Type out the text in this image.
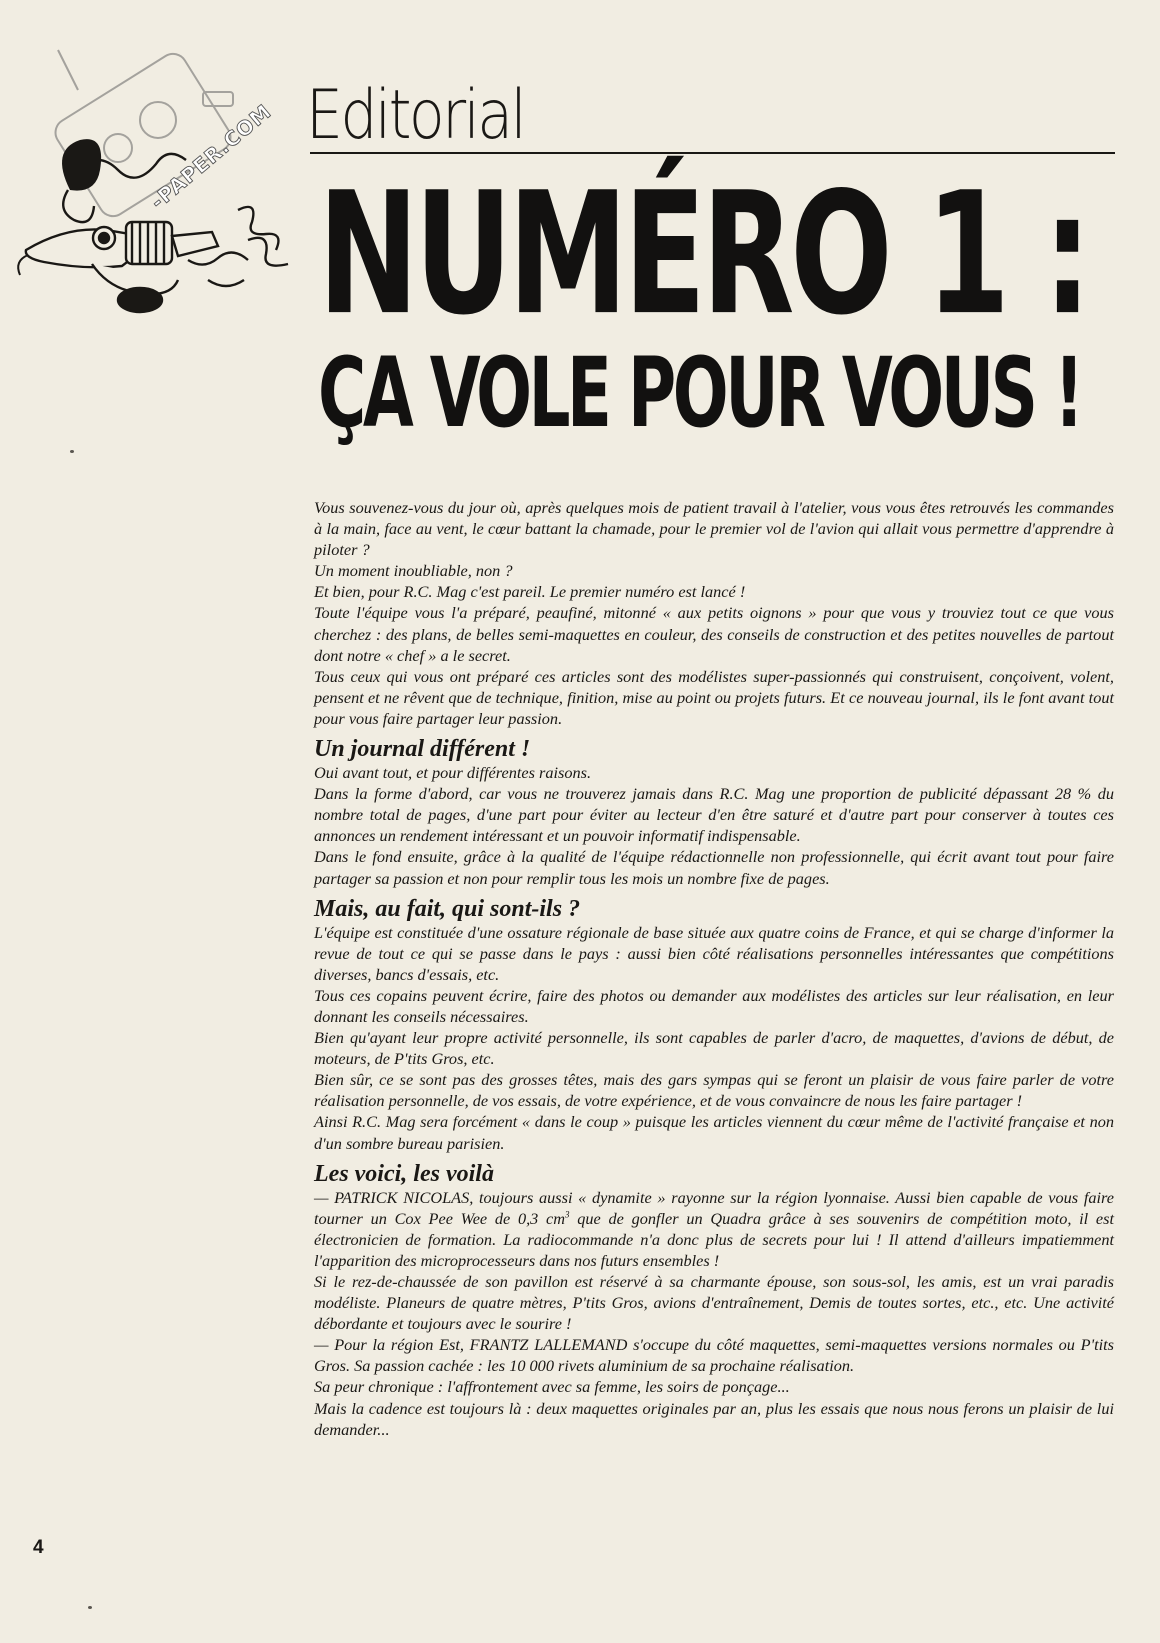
-PAPER.COM Editorial
NUMÉRO 1 :
ÇA VOLE POUR VOUS !

Vous souvenez-vous du jour où, après quelques mois de patient travail à l'atelier, vous vous êtes retrouvés les commandes à la main, face au vent, le cœur battant la chamade, pour le premier vol de l'avion qui allait vous permettre d'apprendre à piloter ?

Un moment inoubliable, non ?

Et bien, pour R.C. Mag c'est pareil. Le premier numéro est lancé !

Toute l'équipe vous l'a préparé, peaufiné, mitonné « aux petits oignons » pour que vous y trouviez tout ce que vous cherchez : des plans, de belles semi-maquettes en couleur, des conseils de construction et des petites nouvelles de partout dont notre « chef » a le secret.

Tous ceux qui vous ont préparé ces articles sont des modélistes super-passionnés qui construisent, conçoivent, volent, pensent et ne rêvent que de technique, finition, mise au point ou projets futurs. Et ce nouveau journal, ils le font avant tout pour vous faire partager leur passion.

Un journal différent !

Oui avant tout, et pour différentes raisons.

Dans la forme d'abord, car vous ne trouverez jamais dans R.C. Mag une proportion de publicité dépassant 28 % du nombre total de pages, d'une part pour éviter au lecteur d'en être saturé et d'autre part pour conserver à toutes ces annonces un rendement intéressant et un pouvoir informatif indispensable.

Dans le fond ensuite, grâce à la qualité de l'équipe rédactionnelle non professionnelle, qui écrit avant tout pour faire partager sa passion et non pour remplir tous les mois un nombre fixe de pages.

Mais, au fait, qui sont-ils ?

L'équipe est constituée d'une ossature régionale de base située aux quatre coins de France, et qui se charge d'informer la revue de tout ce qui se passe dans le pays : aussi bien côté réalisations personnelles intéressantes que compétitions diverses, bancs d'essais, etc.

Tous ces copains peuvent écrire, faire des photos ou demander aux modélistes des articles sur leur réalisation, en leur donnant les conseils nécessaires.

Bien qu'ayant leur propre activité personnelle, ils sont capables de parler d'acro, de maquettes, d'avions de début, de moteurs, de P'tits Gros, etc.

Bien sûr, ce se sont pas des grosses têtes, mais des gars sympas qui se feront un plaisir de vous faire parler de votre réalisation personnelle, de vos essais, de votre expérience, et de vous convaincre de nous les faire partager !

Ainsi R.C. Mag sera forcément « dans le coup » puisque les articles viennent du cœur même de l'activité française et non d'un sombre bureau parisien.

Les voici, les voilà

— PATRICK NICOLAS, toujours aussi « dynamite » rayonne sur la région lyonnaise. Aussi bien capable de vous faire tourner un Cox Pee Wee de 0,3 $cm^3$ que de gonfler un Quadra grâce à ses souvenirs de compétition moto, il est électronicien de formation. La radiocommande n'a donc plus de secrets pour lui ! Il attend d'ailleurs impatiemment l'apparition des microprocesseurs dans nos futurs ensembles !

Si le rez-de-chaussée de son pavillon est réservé à sa charmante épouse, son sous-sol, les amis, est un vrai paradis modéliste. Planeurs de quatre mètres, P'tits Gros, avions d'entraînement, Demis de toutes sortes, etc., etc. Une activité débordante et toujours avec le sourire !

— Pour la région Est, FRANTZ LALLEMAND s'occupe du côté maquettes, semi-maquettes versions normales ou P'tits Gros. Sa passion cachée : les 10 000 rivets aluminium de sa prochaine réalisation.

Sa peur chronique : l'affrontement avec sa femme, les soirs de ponçage...

Mais la cadence est toujours là : deux maquettes originales par an, plus les essais que nous nous ferons un plaisir de lui demander...

4
